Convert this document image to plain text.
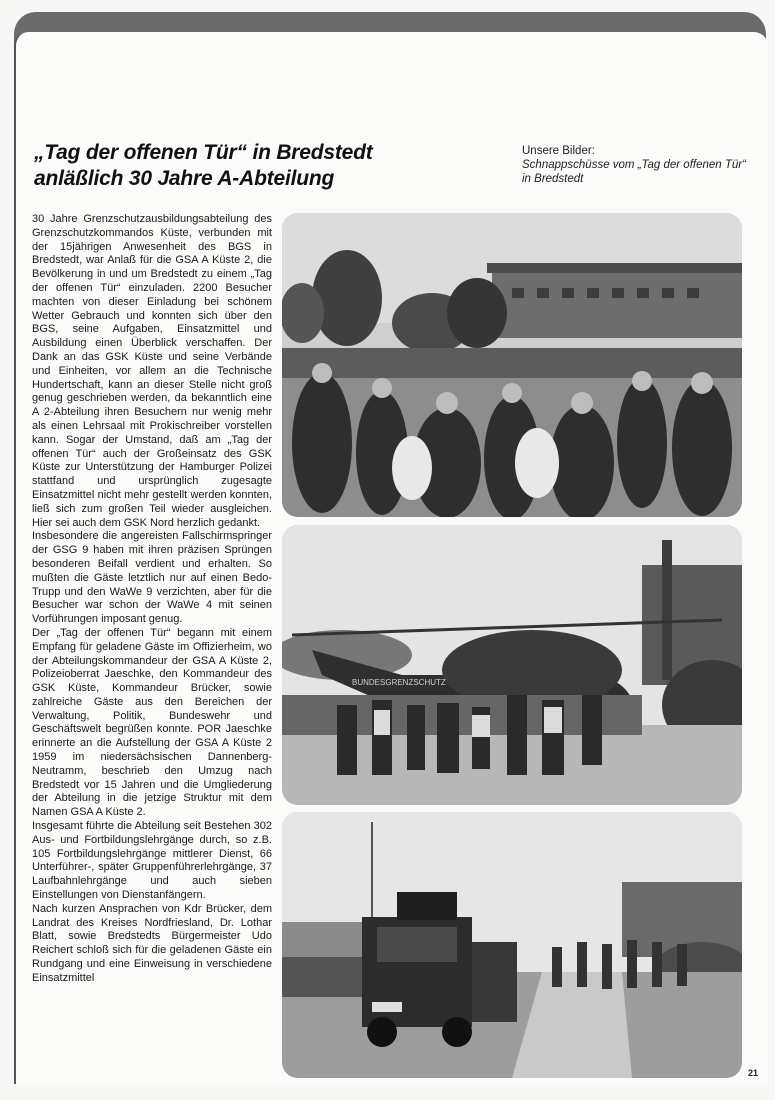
„Tag der offenen Tür“ in Bredstedt
anläßlich 30 Jahre A-Abteilung
Unsere Bilder:
Schnappschüsse vom „Tag der offenen Tür“ in Bredstedt

30 Jahre Grenzschutzausbildungsabteilung des Grenzschutzkommandos Küste, verbunden mit der 15jährigen Anwesenheit des BGS in Bredstedt, war Anlaß für die GSA A Küste 2, die Bevölkerung in und um Bredstedt zu einem „Tag der offenen Tür“ einzuladen. 2200 Besucher machten von dieser Einladung bei schönem Wetter Gebrauch und konnten sich über den BGS, seine Aufgaben, Einsatzmittel und Ausbildung einen Überblick verschaffen. Der Dank an das GSK Küste und seine Verbände und Einheiten, vor allem an die Technische Hundertschaft, kann an dieser Stelle nicht groß genug geschrieben werden, da bekanntlich eine A 2-Abteilung ihren Besuchern nur wenig mehr als einen Lehrsaal mit Prokischreiber vorstellen kann. Sogar der Umstand, daß am „Tag der offenen Tür“ auch der Großeinsatz des GSK Küste zur Unterstützung der Hamburger Polizei stattfand und ursprünglich zugesagte Einsatzmittel nicht mehr gestellt werden konnten, ließ sich zum großen Teil wieder ausgleichen. Hier sei auch dem GSK Nord herzlich gedankt.

Insbesondere die angereisten Fallschirmspringer der GSG 9 haben mit ihren präzisen Sprüngen besonderen Beifall verdient und erhalten. So mußten die Gäste letztlich nur auf einen Bedo-Trupp und den WaWe 9 verzichten, aber für die Besucher war schon der WaWe 4 mit seinen Vorführungen imposant genug.

Der „Tag der offenen Tür“ begann mit einem Empfang für geladene Gäste im Offizierheim, wo der Abteilungskommandeur der GSA A Küste 2, Polizeioberrat Jaeschke, den Kommandeur des GSK Küste, Kommandeur Brücker, sowie zahlreiche Gäste aus den Bereichen der Verwaltung, Politik, Bundeswehr und Geschäftswelt begrüßen konnte. POR Jaeschke erinnerte an die Aufstellung der GSA A Küste 2 1959 im niedersächsischen Dannenberg-Neutramm, beschrieb den Umzug nach Bredstedt vor 15 Jahren und die Umgliederung der Abteilung in die jetzige Struktur mit dem Namen GSA A Küste 2.

Insgesamt führte die Abteilung seit Bestehen 302 Aus- und Fortbildungslehrgänge durch, so z.B. 105 Fortbildungslehrgänge mittlerer Dienst, 66 Unterführer-, später Gruppenführerlehrgänge, 37 Laufbahnlehrgänge und auch sieben Einstellungen von Dienstanfängern.

Nach kurzen Ansprachen von Kdr Brücker, dem Landrat des Kreises Nordfriesland, Dr. Lothar Blatt, sowie Bredstedts Bürgermeister Udo Reichert schloß sich für die geladenen Gäste ein Rundgang und eine Einweisung in verschiedene Einsatzmittel

BUNDESGRENZSCHUTZ
21
